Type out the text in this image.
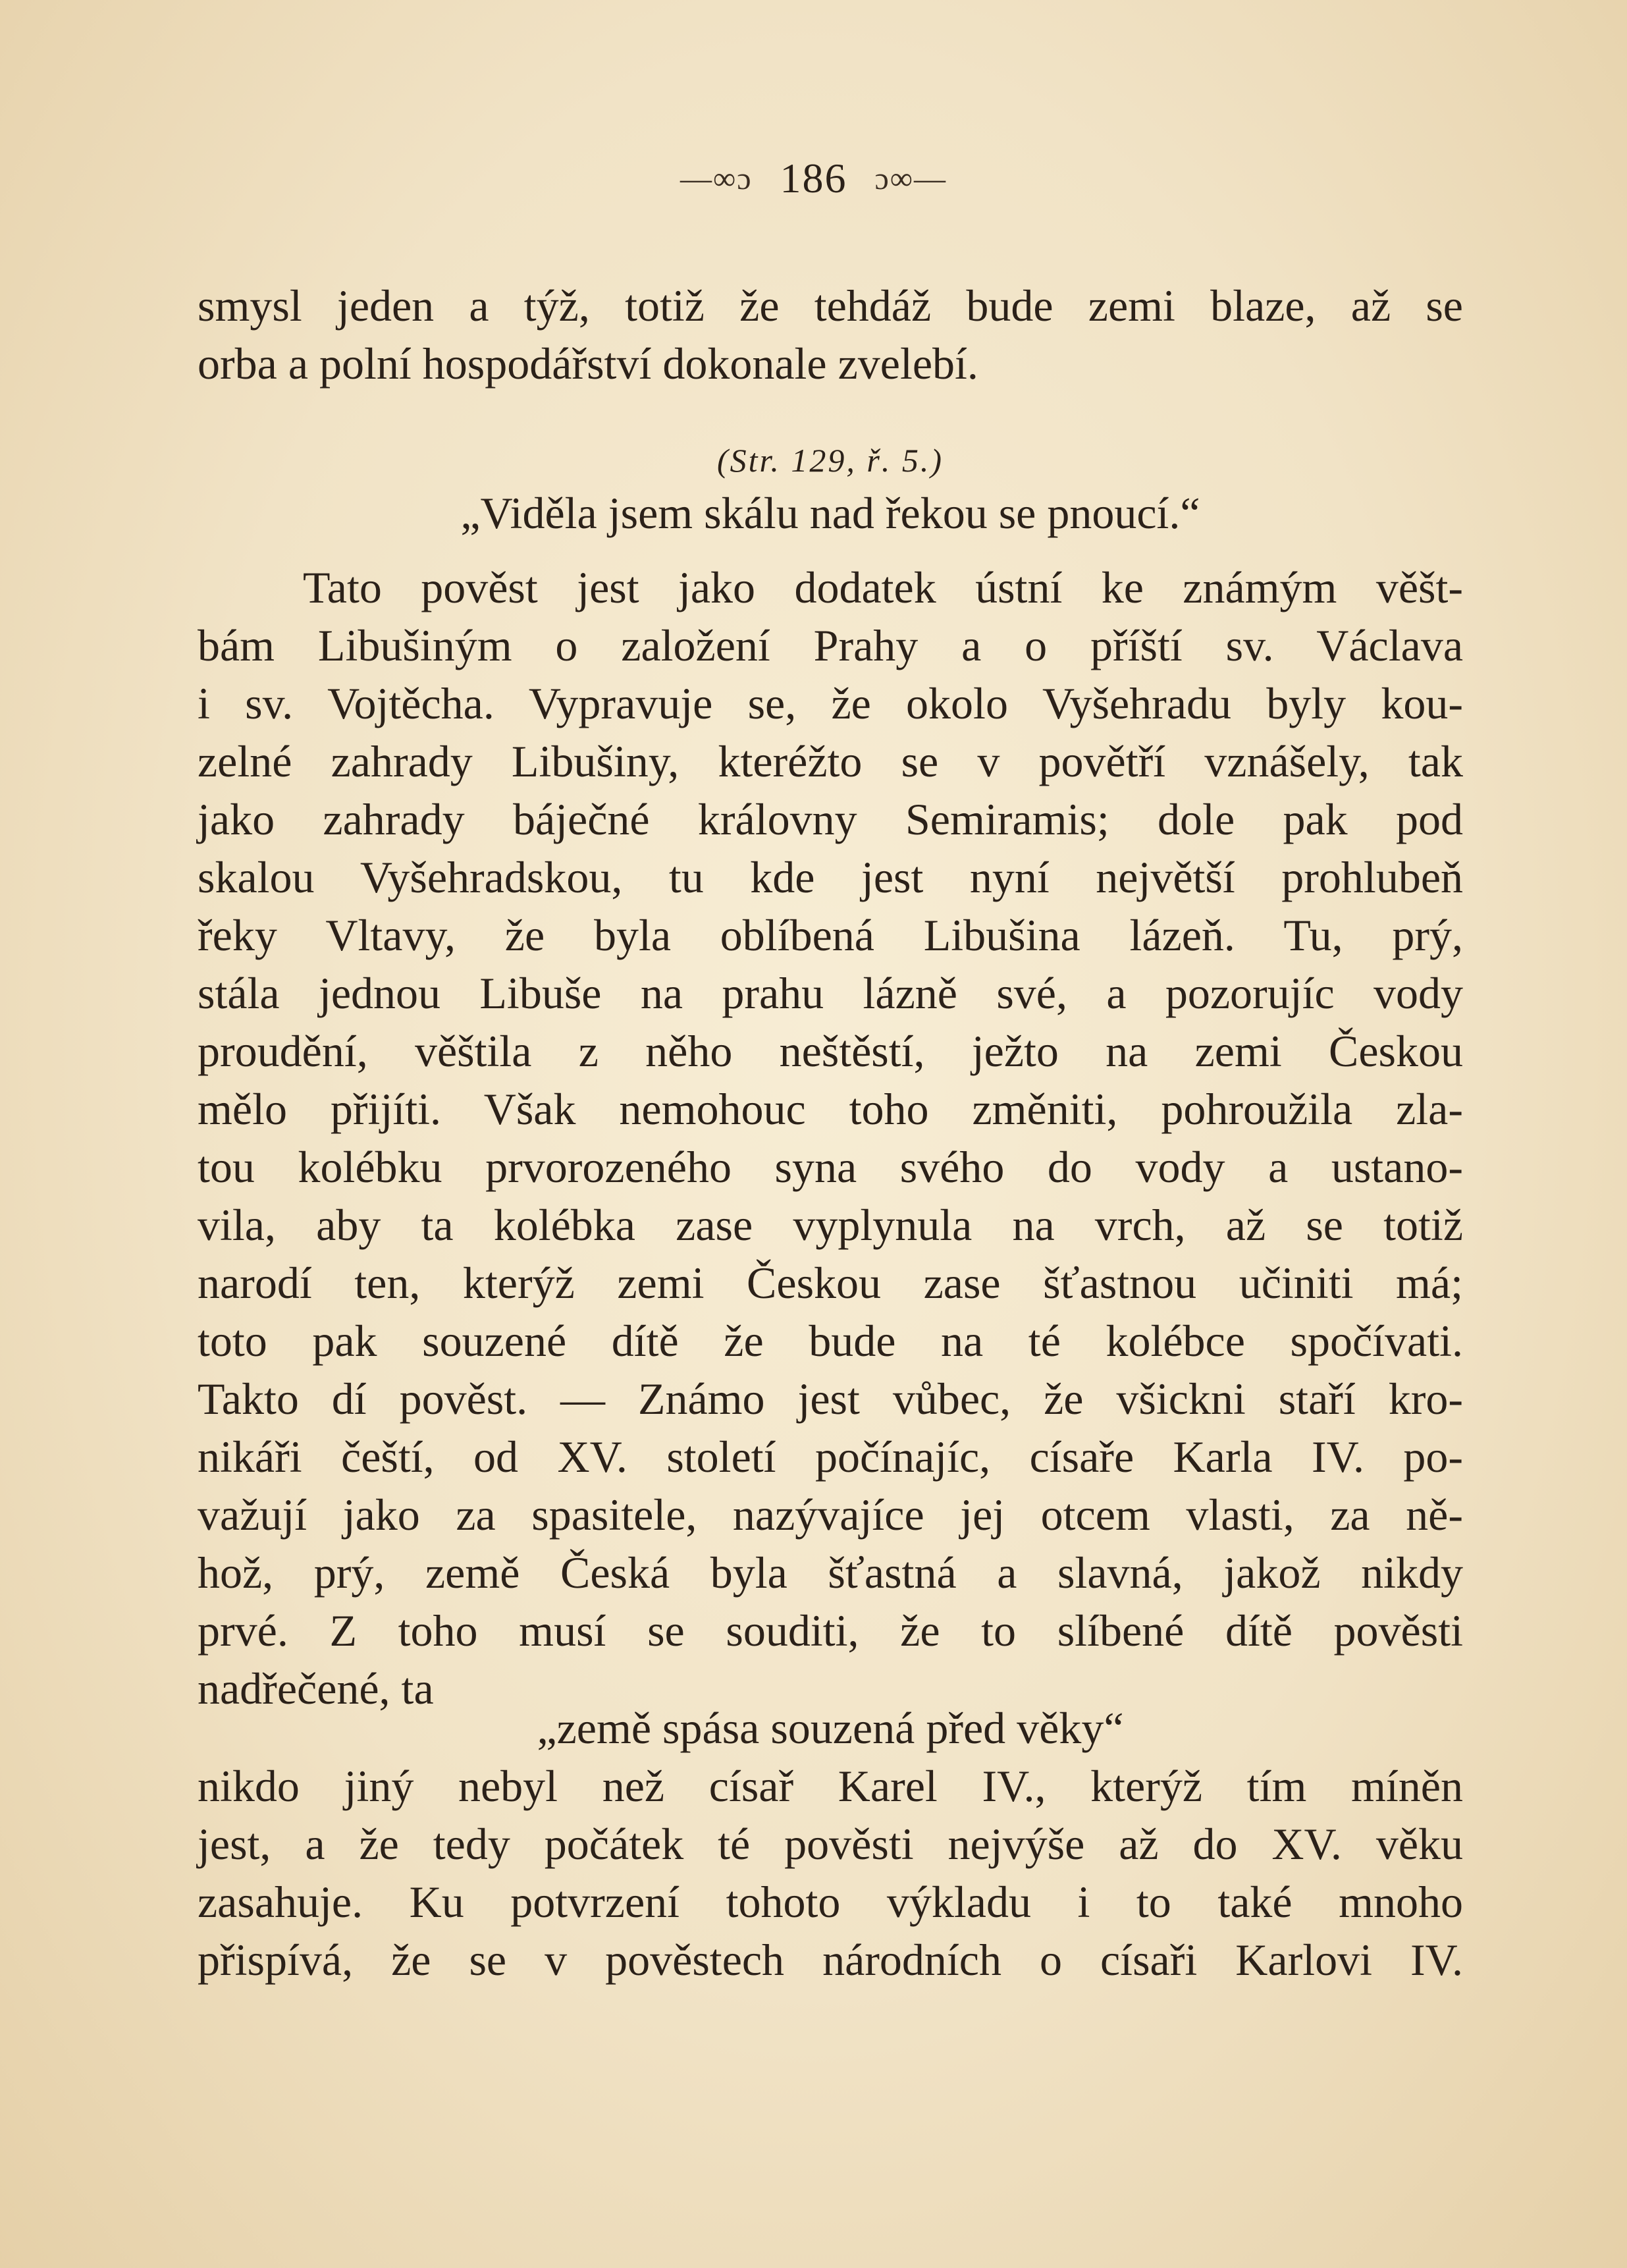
—∞ɔ 186 ɔ∞—
smysl jeden a týž, totiž že tehdáž bude zemi blaze, až se
orba a polní hospodářství dokonale zvelebí.
(Str. 129, ř. 5.)
„Viděla jsem skálu nad řekou se pnoucí.“
Tato pověst jest jako dodatek ústní ke známým věšt-
bám Libušiným o založení Prahy a o příští sv. Václava
i sv. Vojtěcha. Vypravuje se, že okolo Vyšehradu byly kou-
zelné zahrady Libušiny, kteréžto se v povětří vznášely, tak
jako zahrady báječné královny Semiramis; dole pak pod
skalou Vyšehradskou, tu kde jest nyní největší prohlubeň
řeky Vltavy, že byla oblíbená Libušina lázeň. Tu, prý,
stála jednou Libuše na prahu lázně své, a pozorujíc vody
proudění, věštila z něho neštěstí, ježto na zemi Českou
mělo přijíti. Však nemohouc toho změniti, pohroužila zla-
tou kolébku prvorozeného syna svého do vody a ustano-
vila, aby ta kolébka zase vyplynula na vrch, až se totiž
narodí ten, kterýž zemi Českou zase šťastnou učiniti má;
toto pak souzené dítě že bude na té kolébce spočívati.
Takto dí pověst. — Známo jest vůbec, že všickni staří kro-
nikáři čeští, od XV. století počínajíc, císaře Karla IV. po-
važují jako za spasitele, nazývajíce jej otcem vlasti, za ně-
hož, prý, země Česká byla šťastná a slavná, jakož nikdy
prvé. Z toho musí se souditi, že to slíbené dítě pověsti
nadřečené, ta
„země spása souzená před věky“
nikdo jiný nebyl než císař Karel IV., kterýž tím míněn
jest, a že tedy počátek té pověsti nejvýše až do XV. věku
zasahuje. Ku potvrzení tohoto výkladu i to také mnoho
přispívá, že se v pověstech národních o císaři Karlovi IV.
